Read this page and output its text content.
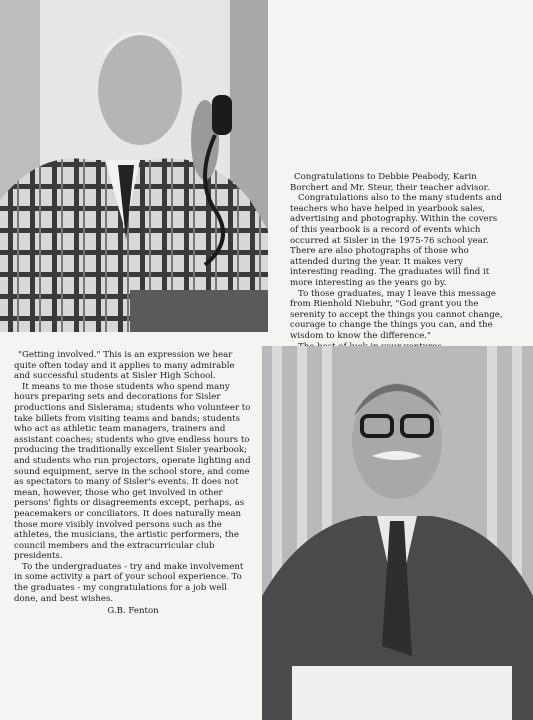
Congratulations to Debbie Peabody, Karin Borchert and Mr. Steur, their teacher advisor.

Congratulations also to the many students and teachers who have helped in yearbook sales, advertising and photography. Within the covers of this yearbook is a record of events which occurred at Sisler in the 1975-76 school year. There are also photographs of those who attended during the year. It makes very interesting reading. The graduates will find it more interesting as the years go by.

To those graduates, may I leave this message from Rienhold Niebuhr, "God grant you the serenity to accept the things you cannot change, courage to change the things you can, and the wisdom to know the difference."

"Getting involved." This is an expression we hear quite often today and it applies to many admirable and successful students at Sisler High School.

It means to me those students who spend many hours preparing sets and decorations for Sisler productions and Sislerama; students who volunteer to take billets from visiting teams and bands; students who act as athletic team managers, trainers and assistant coaches; students who give endless hours to producing the traditionally excellent Sisler yearbook; and students who run projectors, operate lighting and sound equipment, serve in the school store, and come as spectators to many of Sisler's events. It does not mean, however, those who get involved in other persons' fights or disagreements except, perhaps, as peacemakers or conciliators. It does naturally mean those more visibly involved persons such as the athletes, the musicians, the artistic performers, the council members and the extracurricular club presidents.

To the undergraduates - try and make involvement in some activity a part of your school experience. To the graduates - my congratulations for a job well done, and best wishes.

G.B. Fenton
